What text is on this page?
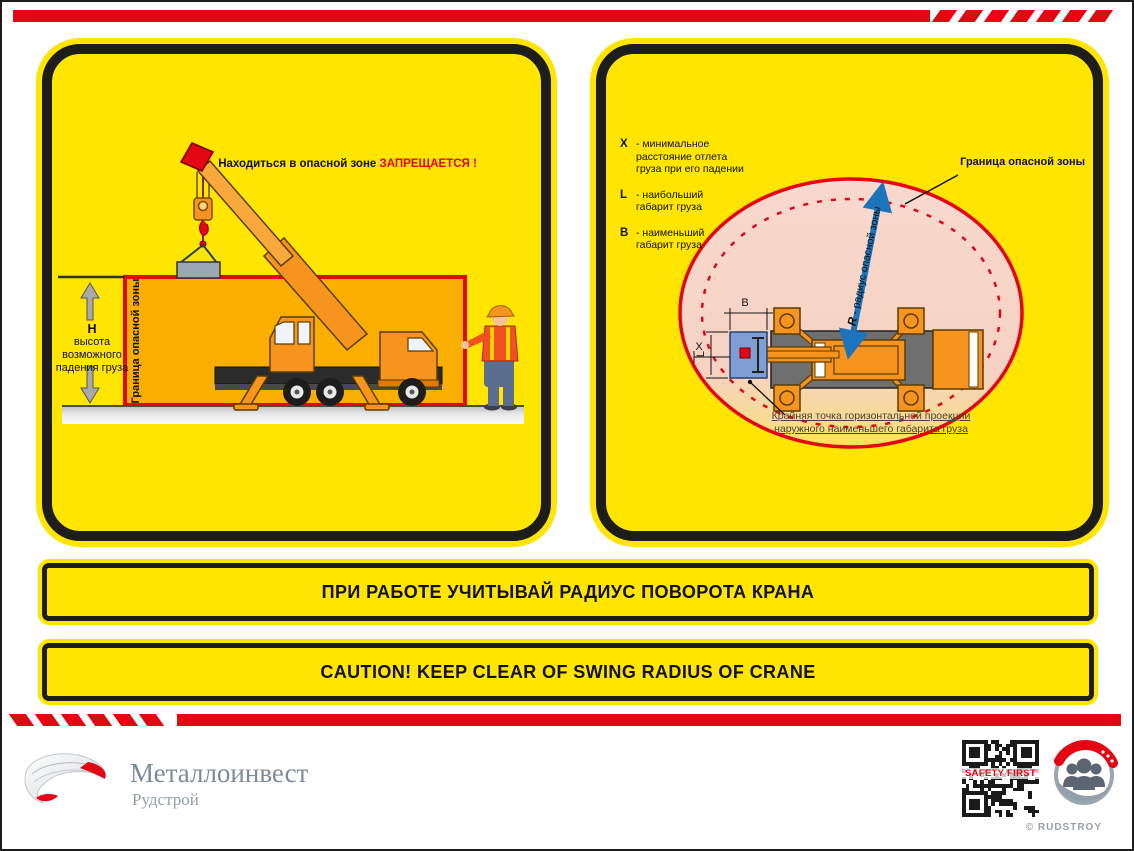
Находиться в опасной зоне ЗАПРЕЩАЕТСЯ !
Н
высота
возможного
падения груза Граница опасной зоны	B
L
X
X - минимальное
расстояние отлета
груза при его падении
L - наибольший
габарит груза
B - наименьший
габарит груза
Граница опасной зоны
R - радиус опасной зоны
Крайняя точка горизонтальной проекции
наружного наименьшего габарита груза
ПРИ РАБОТЕ УЧИТЫВАЙ РАДИУС ПОВОРОТА КРАНА
CAUTION! KEEP CLEAR OF SWING RADIUS OF CRANE
Металлоинвест
Рудстрой
SAFETY FIRST
© RUDSTROY
